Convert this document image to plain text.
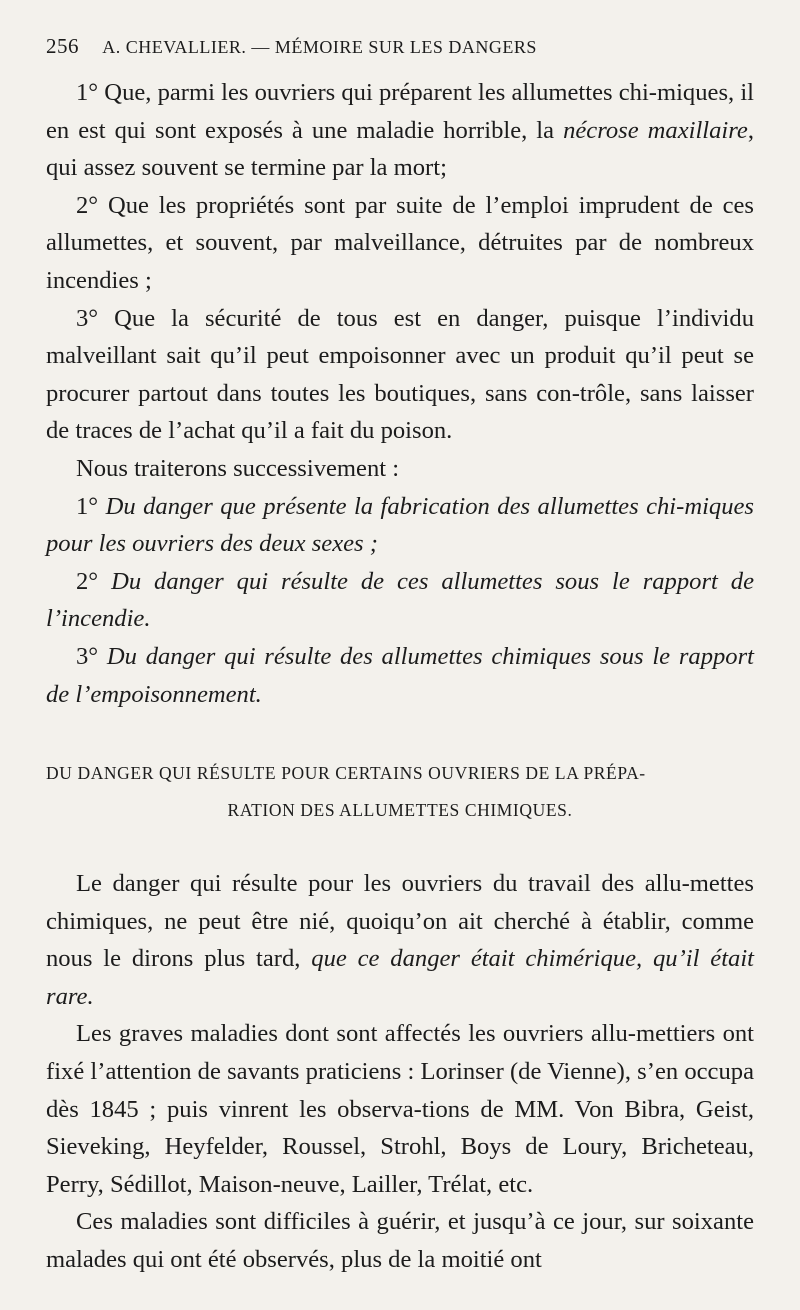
256 A. CHEVALLIER. — MÉMOIRE SUR LES DANGERS

1° Que, parmi les ouvriers qui préparent les allumettes chi-miques, il en est qui sont exposés à une maladie horrible, la nécrose maxillaire, qui assez souvent se termine par la mort;

2° Que les propriétés sont par suite de l’emploi imprudent de ces allumettes, et souvent, par malveillance, détruites par de nombreux incendies ;

3° Que la sécurité de tous est en danger, puisque l’individu malveillant sait qu’il peut empoisonner avec un produit qu’il peut se procurer partout dans toutes les boutiques, sans con-trôle, sans laisser de traces de l’achat qu’il a fait du poison.

Nous traiterons successivement :

1° Du danger que présente la fabrication des allumettes chi-miques pour les ouvriers des deux sexes ;

2° Du danger qui résulte de ces allumettes sous le rapport de l’incendie.

3° Du danger qui résulte des allumettes chimiques sous le rapport de l’empoisonnement.

DU DANGER QUI RÉSULTE POUR CERTAINS OUVRIERS DE LA PRÉPA-
RATION DES ALLUMETTES CHIMIQUES.

Le danger qui résulte pour les ouvriers du travail des allu-mettes chimiques, ne peut être nié, quoiqu’on ait cherché à établir, comme nous le dirons plus tard, que ce danger était chimérique, qu’il était rare.

Les graves maladies dont sont affectés les ouvriers allu-mettiers ont fixé l’attention de savants praticiens : Lorinser (de Vienne), s’en occupa dès 1845 ; puis vinrent les observa-tions de MM. Von Bibra, Geist, Sieveking, Heyfelder, Roussel, Strohl, Boys de Loury, Bricheteau, Perry, Sédillot, Maison-neuve, Lailler, Trélat, etc.

Ces maladies sont difficiles à guérir, et jusqu’à ce jour, sur soixante malades qui ont été observés, plus de la moitié ont
